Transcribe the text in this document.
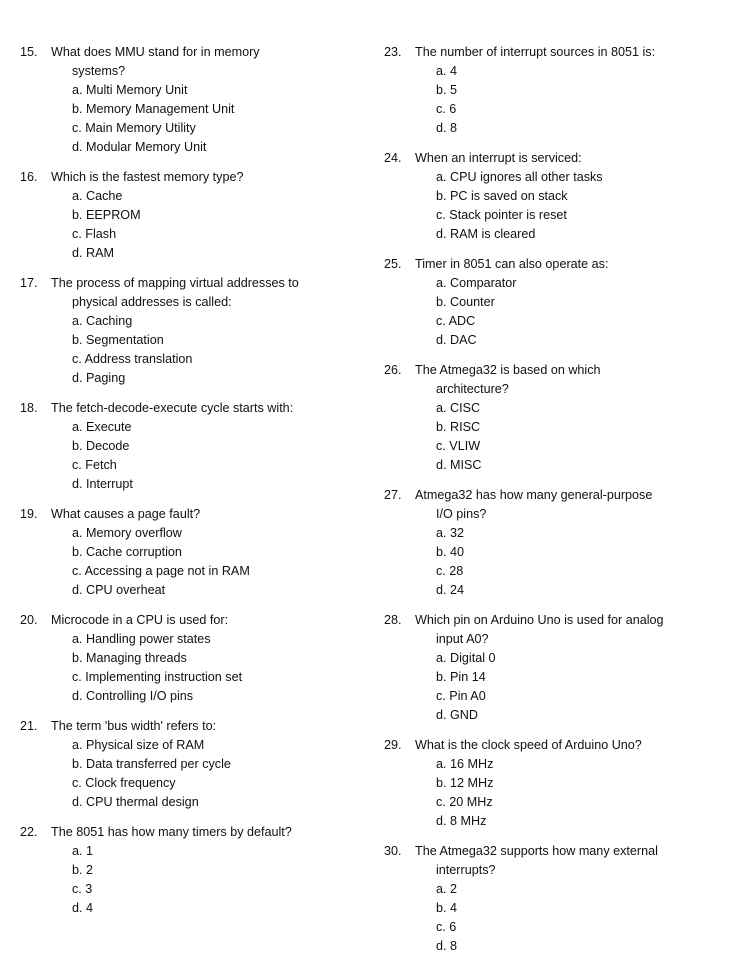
15.	What does MMU stand for in memory
systems?
a. Multi Memory Unit
b. Memory Management Unit
c. Main Memory Utility
d. Modular Memory Unit
16.	Which is the fastest memory type?
a. Cache
b. EEPROM
c. Flash
d. RAM
17.	The process of mapping virtual addresses to
physical addresses is called:
a. Caching
b. Segmentation
c. Address translation
d. Paging
18.	The fetch-decode-execute cycle starts with:
a. Execute
b. Decode
c. Fetch
d. Interrupt
19.	What causes a page fault?
a. Memory overflow
b. Cache corruption
c. Accessing a page not in RAM
d. CPU overheat
20.	Microcode in a CPU is used for:
a. Handling power states
b. Managing threads
c. Implementing instruction set
d. Controlling I/O pins
21.	The term 'bus width' refers to:
a. Physical size of RAM
b. Data transferred per cycle
c. Clock frequency
d. CPU thermal design
22.	The 8051 has how many timers by default?
a. 1
b. 2
c. 3
d. 4
23.	The number of interrupt sources in 8051 is:
a. 4
b. 5
c. 6
d. 8
24.	When an interrupt is serviced:
a. CPU ignores all other tasks
b. PC is saved on stack
c. Stack pointer is reset
d. RAM is cleared
25.	Timer in 8051 can also operate as:
a. Comparator
b. Counter
c. ADC
d. DAC
26.	The Atmega32 is based on which
architecture?
a. CISC
b. RISC
c. VLIW
d. MISC
27.	Atmega32 has how many general-purpose
I/O pins?
a. 32
b. 40
c. 28
d. 24
28.	Which pin on Arduino Uno is used for analog
input A0?
a. Digital 0
b. Pin 14
c. Pin A0
d. GND
29.	What is the clock speed of Arduino Uno?
a. 16 MHz
b. 12 MHz
c. 20 MHz
d. 8 MHz
30.	The Atmega32 supports how many external
interrupts?
a. 2
b. 4
c. 6
d. 8
